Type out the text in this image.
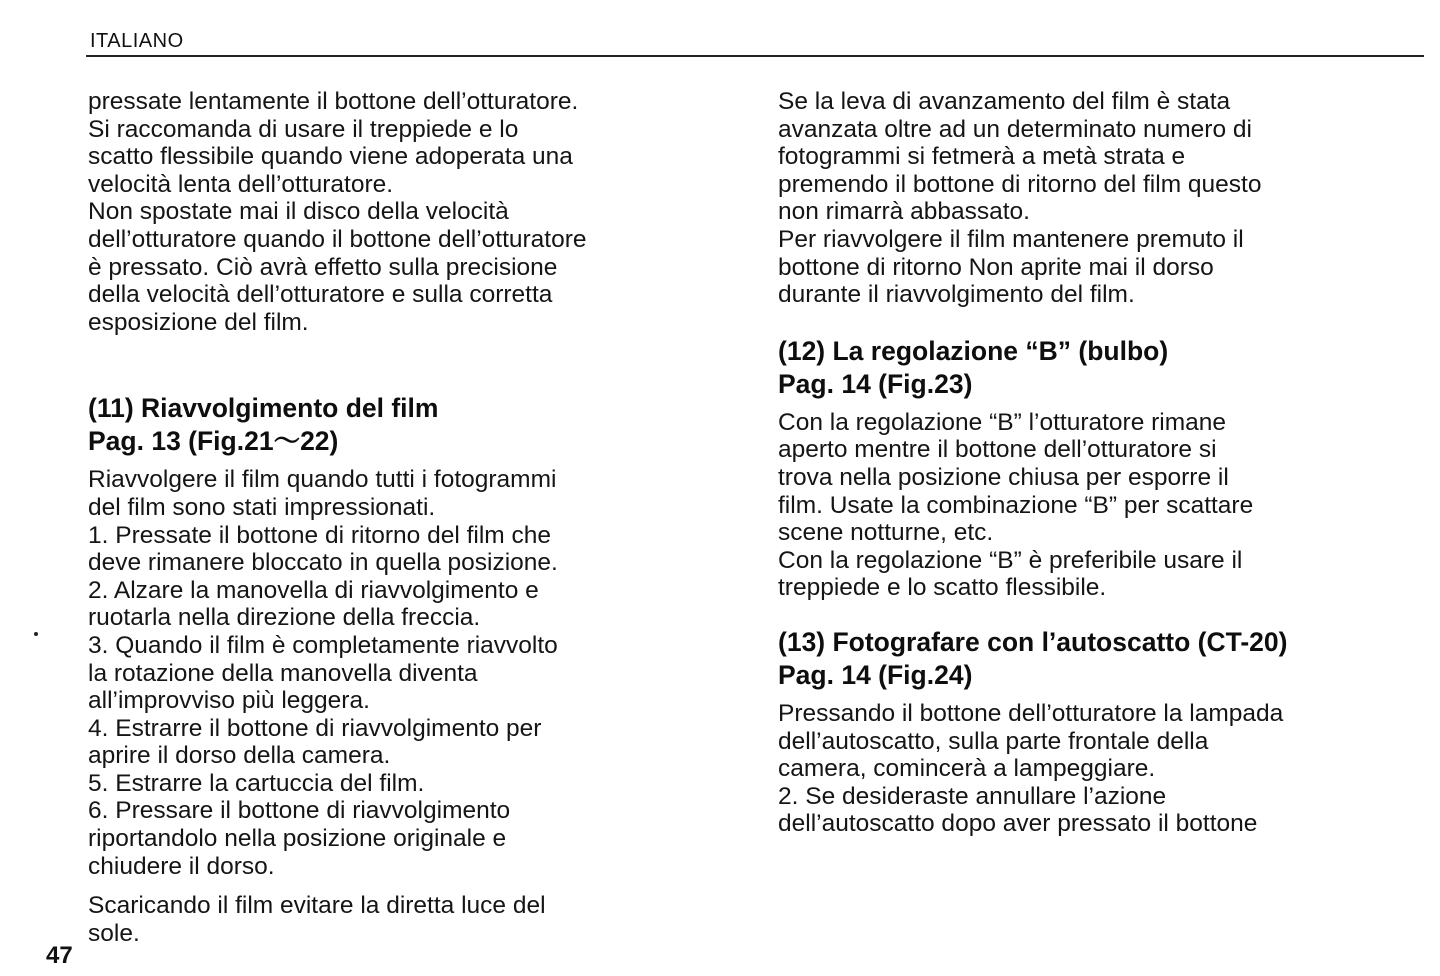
ITALIANO

pressate lentamente il bottone dell’otturatore.
Si raccomanda di usare il treppiede e lo
scatto flessibile quando viene adoperata una
velocità lenta dell’otturatore.
Non spostate mai il disco della velocità
dell’otturatore quando il bottone dell’otturatore
è pressato. Ciò avrà effetto sulla precisione
della velocità dell’otturatore e sulla corretta
esposizione del film.

(11) Riavvolgimento del film
Pag. 13 (Fig.21～22)

Riavvolgere il film quando tutti i fotogrammi
del film sono stati impressionati.
1. Pressate il bottone di ritorno del film che
deve rimanere bloccato in quella posizione.
2. Alzare la manovella di riavvolgimento e
ruotarla nella direzione della freccia.
3. Quando il film è completamente riavvolto
la rotazione della manovella diventa
all’improvviso più leggera.
4. Estrarre il bottone di riavvolgimento per
aprire il dorso della camera.
5. Estrarre la cartuccia del film.
6. Pressare il bottone di riavvolgimento
riportandolo nella posizione originale e
chiudere il dorso.

Scaricando il film evitare la diretta luce del
sole.

Se la leva di avanzamento del film è stata
avanzata oltre ad un determinato numero di
fotogrammi si fetmerà a metà strata e
premendo il bottone di ritorno del film questo
non rimarrà abbassato.
Per riavvolgere il film mantenere premuto il
bottone di ritorno Non aprite mai il dorso
durante il riavvolgimento del film.

(12) La regolazione “B” (bulbo)
Pag. 14 (Fig.23)

Con la regolazione “B” l’otturatore rimane
aperto mentre il bottone dell’otturatore si
trova nella posizione chiusa per esporre il
film. Usate la combinazione “B” per scattare
scene notturne, etc.
Con la regolazione “B” è preferibile usare il
treppiede e lo scatto flessibile.

(13) Fotografare con l’autoscatto (CT-20)
Pag. 14 (Fig.24)

Pressando il bottone dell’otturatore la lampada
dell’autoscatto, sulla parte frontale della
camera, comincerà a lampeggiare.
2. Se desideraste annullare l’azione
dell’autoscatto dopo aver pressato il bottone

47
